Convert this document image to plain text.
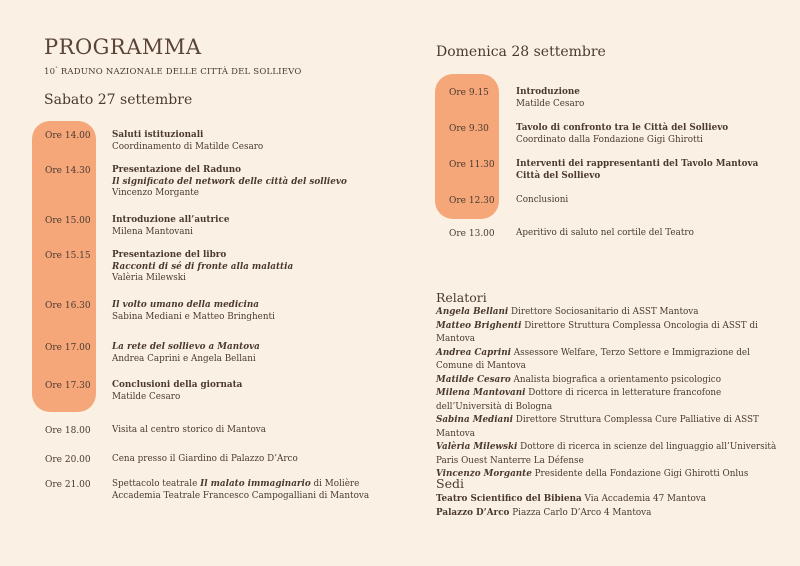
PROGRAMMA
10° RADUNO NAZIONALE DELLE CITTÀ DEL SOLLIEVO
Sabato 27 settembre
Ore 14.00 Saluti istituzionali
Coordinamento di Matilde Cesaro
Ore 14.30 Presentazione del Raduno
Il significato del network delle città del sollievo
Vincenzo Morgante
Ore 15.00 Introduzione all’autrice
Milena Mantovani
Ore 15.15 Presentazione del libro
Racconti di sé di fronte alla malattia
Valèria Milewski
Ore 16.30 Il volto umano della medicina
Sabina Mediani e Matteo Bringhenti
Ore 17.00 La rete del sollievo a Mantova
Andrea Caprini e Angela Bellani
Ore 17.30 Conclusioni della giornata
Matilde Cesaro
Ore 18.00 Visita al centro storico di Mantova
Ore 20.00 Cena presso il Giardino di Palazzo D’Arco
Ore 21.00 Spettacolo teatrale Il malato immaginario di Molière
Accademia Teatrale Francesco Campogalliani di Mantova
Domenica 28 settembre
Ore 9.15	Introduzione
Matilde Cesaro
Ore 9.30	Tavolo di confronto tra le Città del Sollievo
Coordinato dalla Fondazione Gigi Ghirotti
Ore 11.30 Interventi dei rappresentanti del Tavolo Mantova
Città del Sollievo
Ore 12.30 Conclusioni
Ore 13.00 Aperitivo di saluto nel cortile del Teatro
Relatori
Angela Bellani Direttore Sociosanitario di ASST Mantova
Matteo Brighenti Direttore Struttura Complessa Oncologia di ASST di Mantova
Andrea Caprini Assessore Welfare, Terzo Settore e Immigrazione del Comune di Mantova
Matilde Cesaro Analista biografica a orientamento psicologico
Milena Mantovani Dottore di ricerca in letterature francofone dell’Università di Bologna
Sabina Mediani Direttore Struttura Complessa Cure Palliative di ASST Mantova
Valèria Milewski Dottore di ricerca in scienze del linguaggio all’Università Paris Ouest Nanterre La Défense
Vincenzo Morgante Presidente della Fondazione Gigi Ghirotti Onlus
Sedi
Teatro Scientifico del Bibiena Via Accademia 47 Mantova
Palazzo D’Arco Piazza Carlo D’Arco 4 Mantova
